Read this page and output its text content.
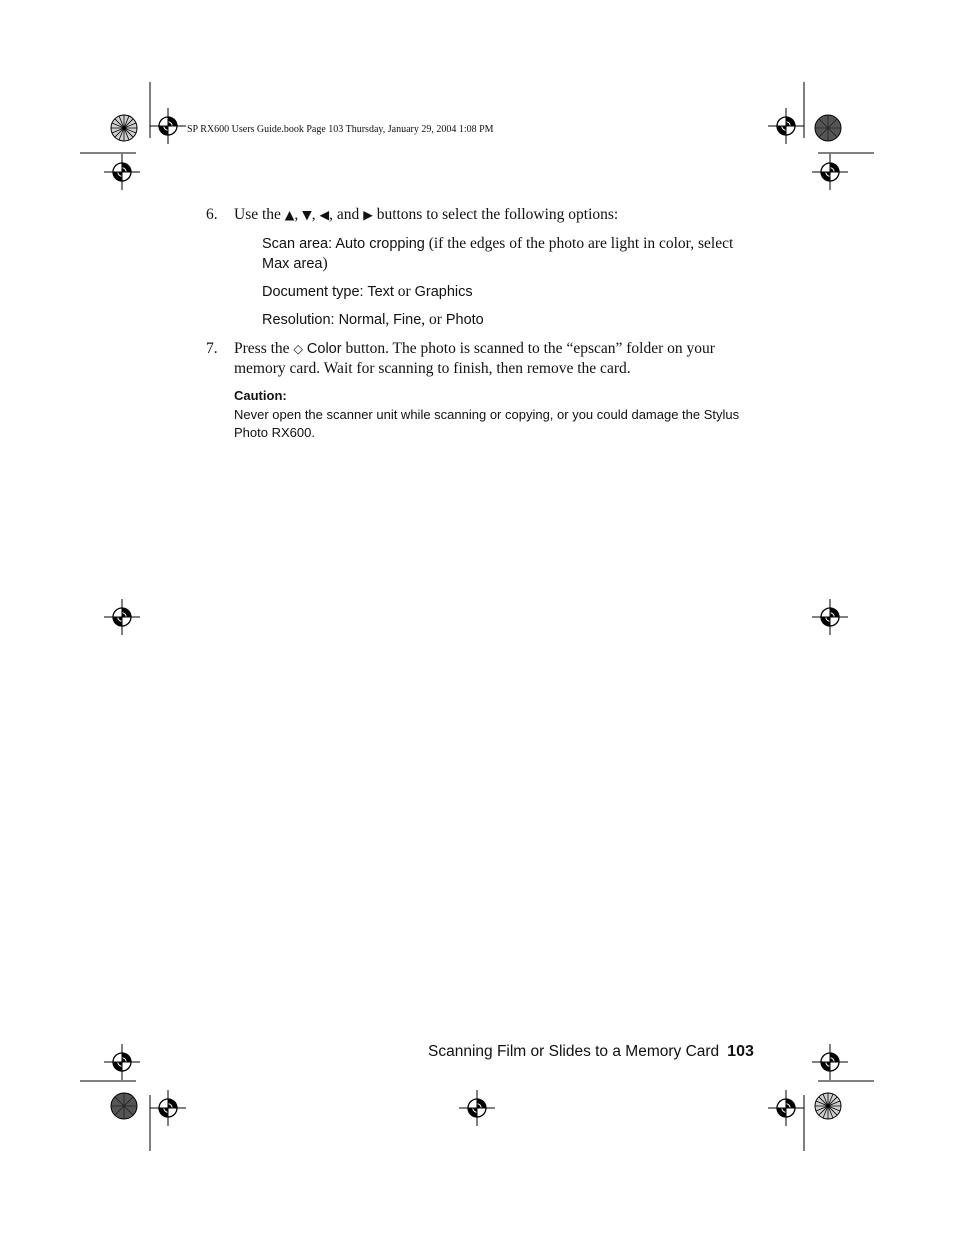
SP RX600 Users Guide.book Page 103 Thursday, January 29, 2004 1:08 PM
6. Use the ▲, ▼, ◀, and ▶ buttons to select the following options:
Scan area: Auto cropping (if the edges of the photo are light in color, select Max area)
Document type: Text or Graphics
Resolution: Normal, Fine, or Photo
7. Press the ◇ Color button. The photo is scanned to the “epscan” folder on your memory card. Wait for scanning to finish, then remove the card.
Caution:
Never open the scanner unit while scanning or copying, or you could damage the Stylus Photo RX600.
Scanning Film or Slides to a Memory Card 103
